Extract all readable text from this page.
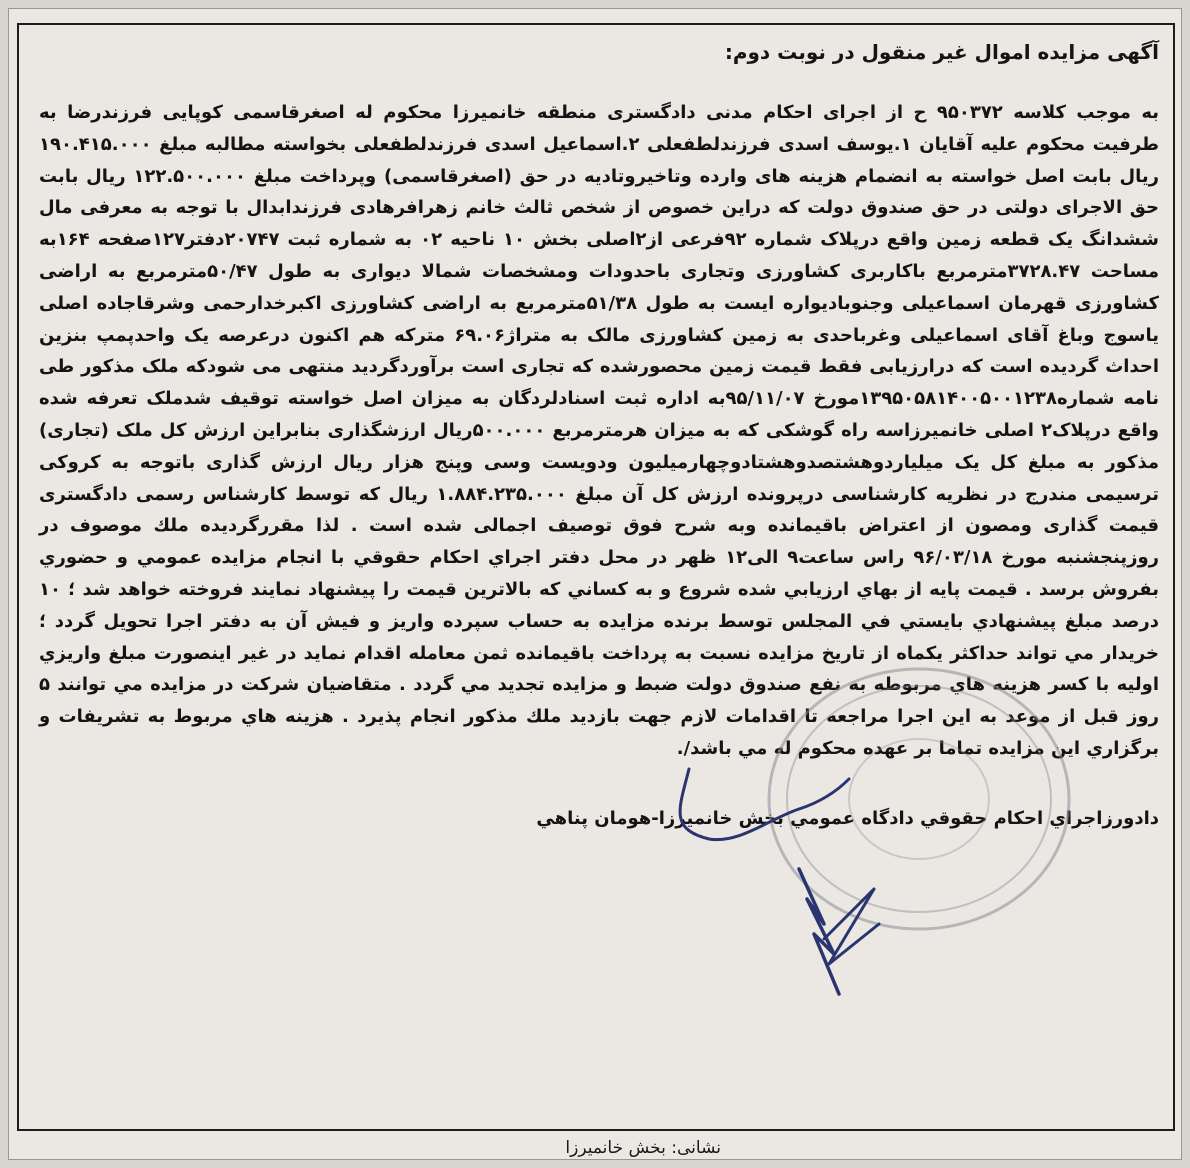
آگهی مزایده اموال غیر منقول در نوبت دوم:
به موجب کلاسه ۹۵۰۳۷۲ ح از اجرای احکام مدنی دادگستری منطقه خانمیرزا محکوم له اصغرقاسمی کوپایی فرزندرضا به طرفیت محکوم علیه آقایان ۱.یوسف اسدی فرزندلطفعلی ۲.اسماعیل اسدی فرزندلطفعلی بخواسته مطالبه مبلغ ۱۹۰.۴۱۵.۰۰۰ ریال بابت اصل خواسته به انضمام هزینه های وارده وتاخیروتادیه در حق (اصغرقاسمی) وپرداخت مبلغ ۱۲۲.۵۰۰.۰۰۰ ریال بابت حق الاجرای دولتی در حق صندوق دولت که دراین خصوص از شخص ثالث خانم زهرافرهادی فرزندابدال با توجه به معرفی مال ششدانگ یک قطعه زمین واقع درپلاک شماره ۹۲فرعی از۲اصلی بخش ۱۰ ناحیه ۰۲ به شماره ثبت ۲۰۷۴۷دفتر۱۲۷صفحه ۱۶۴به مساحت ۳۷۲۸.۴۷مترمربع باکاربری کشاورزی وتجاری باحدودات ومشخصات شمالا دیواری به طول ۵۰/۴۷مترمربع به اراضی کشاورزی قهرمان اسماعیلی وجنوبادیواره ایست به طول ۵۱/۳۸مترمربع به اراضی کشاورزی اکبرخدارحمی وشرقاجاده اصلی یاسوج وباغ آقای اسماعیلی وغرباحدی به زمین کشاورزی مالک به متراژ۶۹.۰۶ مترکه هم اکنون درعرصه یک واحدپمپ بنزین احداث گردیده است که درارزیابی فقط قیمت زمین محصورشده که تجاری است برآوردگردید منتهی می شودکه ملک مذکور طی نامه شماره۱۳۹۵۰۵۸۱۴۰۰۵۰۰۱۲۳۸مورخ ۹۵/۱۱/۰۷به اداره ثبت اسنادلردگان به میزان اصل خواسته توقیف شدملک تعرفه شده واقع درپلاک۲ اصلی خانمیرزاسه راه گوشکی که به میزان هرمترمربع ۵۰۰.۰۰۰ریال ارزشگذاری بنابراین ارزش کل ملک (تجاری) مذکور به مبلغ کل یک میلیاردوهشتصدوهشتادوچهارمیلیون ودویست وسی وپنج هزار ریال ارزش گذاری باتوجه به کروکی ترسیمی مندرج در نظریه کارشناسی درپرونده ارزش کل آن مبلغ ۱.۸۸۴.۲۳۵.۰۰۰ ریال که توسط کارشناس رسمی دادگستری قیمت گذاری ومصون از اعتراض باقیمانده وبه شرح فوق توصیف اجمالی شده است . لذا مقررگردیده ملك موصوف در روزپنجشنبه مورخ ۹۶/۰۳/۱۸ راس ساعت۹ الی۱۲ ظهر در محل دفتر اجراي احكام حقوقي با انجام مزايده عمومي و حضوري بفروش برسد . قيمت پايه از بهاي ارزيابي شده شروع و به كساني كه بالاترين قيمت را پيشنهاد نمايند فروخته خواهد شد ؛ ۱۰ درصد مبلغ پيشنهادي بايستي في المجلس توسط برنده مزايده به حساب سپرده واريز و فيش آن به دفتر اجرا تحويل گردد ؛ خريدار مي تواند حداكثر يكماه از تاريخ مزايده نسبت به پرداخت باقيمانده ثمن معامله اقدام نمايد در غير اينصورت مبلغ واريزي اوليه با كسر هزينه هاي مربوطه به نفع صندوق دولت ضبط و مزايده تجديد مي گردد . متقاضيان شركت در مزايده مي توانند ۵ روز قبل از موعد به اين اجرا مراجعه تا اقدامات لازم جهت بازديد ملك مذكور انجام پذيرد . هزينه هاي مربوط به تشريفات و برگزاري اين مزايده تماما بر عهده محكوم له مي باشد/.
دادورزاجراي احكام حقوقي دادگاه عمومي بخش خانميرزا-هومان پناهي
نشانی: بخش خانمیرزا
